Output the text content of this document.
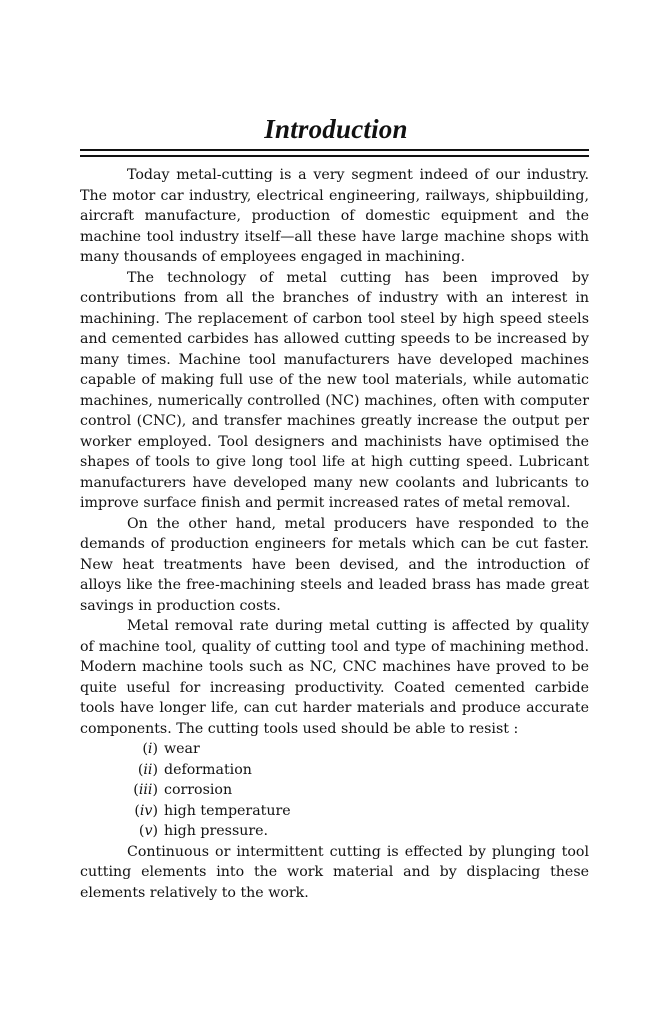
Introduction

Today metal-cutting is a very segment indeed of our industry. The motor car industry, electrical engineering, railways, shipbuilding, aircraft manufacture, production of domestic equipment and the machine tool industry itself—all these have large machine shops with many thousands of employees engaged in machining.

The technology of metal cutting has been improved by contributions from all the branches of industry with an interest in machining. The replacement of carbon tool steel by high speed steels and cemented carbides has allowed cutting speeds to be increased by many times. Machine tool manufacturers have developed machines capable of making full use of the new tool materials, while automatic machines, numerically controlled (NC) machines, often with computer control (CNC), and transfer machines greatly increase the output per worker employed. Tool designers and machinists have optimised the shapes of tools to give long tool life at high cutting speed. Lubricant manufacturers have developed many new coolants and lubricants to improve surface finish and permit increased rates of metal removal.

On the other hand, metal producers have responded to the demands of production engineers for metals which can be cut faster. New heat treatments have been devised, and the introduction of alloys like the free-machining steels and leaded brass has made great savings in production costs.

Metal removal rate during metal cutting is affected by quality of machine tool, quality of cutting tool and type of machining method. Modern machine tools such as NC, CNC machines have proved to be quite useful for increasing productivity. Coated cemented carbide tools have longer life, can cut harder materials and produce accurate components. The cutting tools used should be able to resist :

(i) wear
(ii) deformation
(iii) corrosion
(iv) high temperature
(v) high pressure.

Continuous or intermittent cutting is effected by plunging tool cutting elements into the work material and by displacing these elements relatively to the work.
